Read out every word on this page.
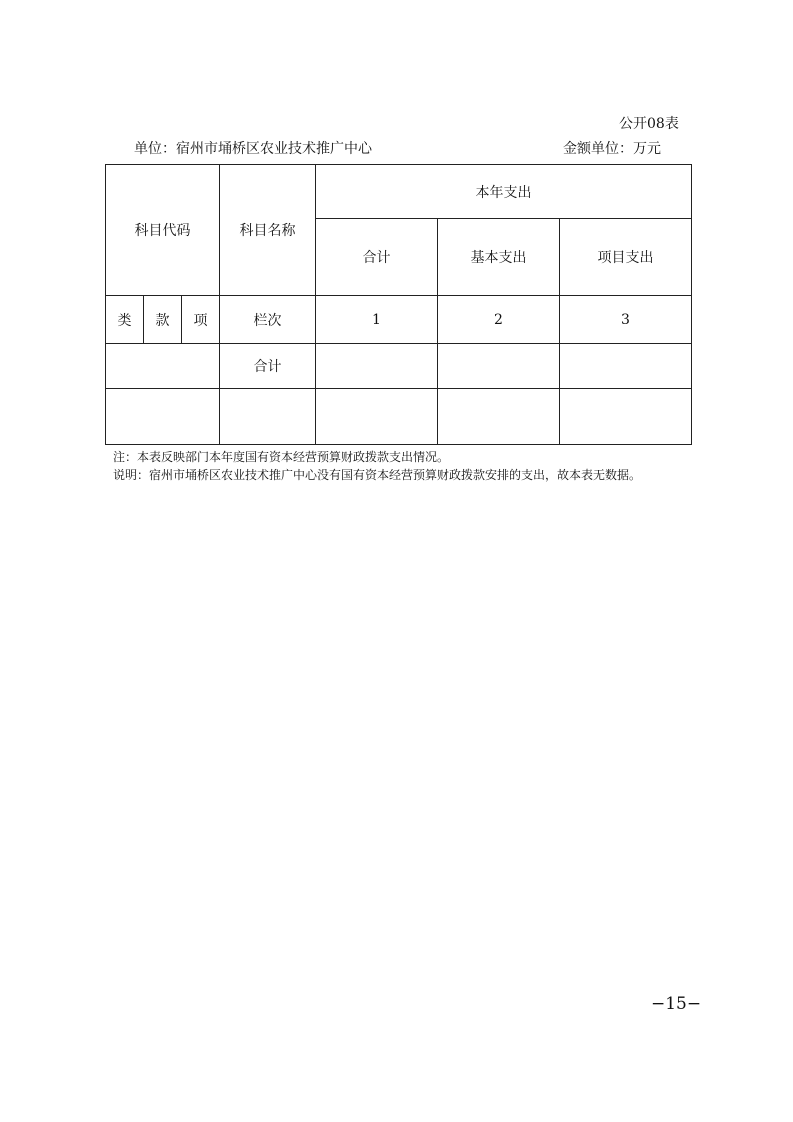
公开08表
单位：宿州市埇桥区农业技术推广中心	金额单位：万元
科目代码			科目名称	本年支出		
				合计	基本支出	项目支出
类	款	项	栏次	1	2	3
			合计			

注：本表反映部门本年度国有资本经营预算财政拨款支出情况。
说明：宿州市埇桥区农业技术推广中心没有国有资本经营预算财政拨款安排的支出，故本表无数据。
−15−
